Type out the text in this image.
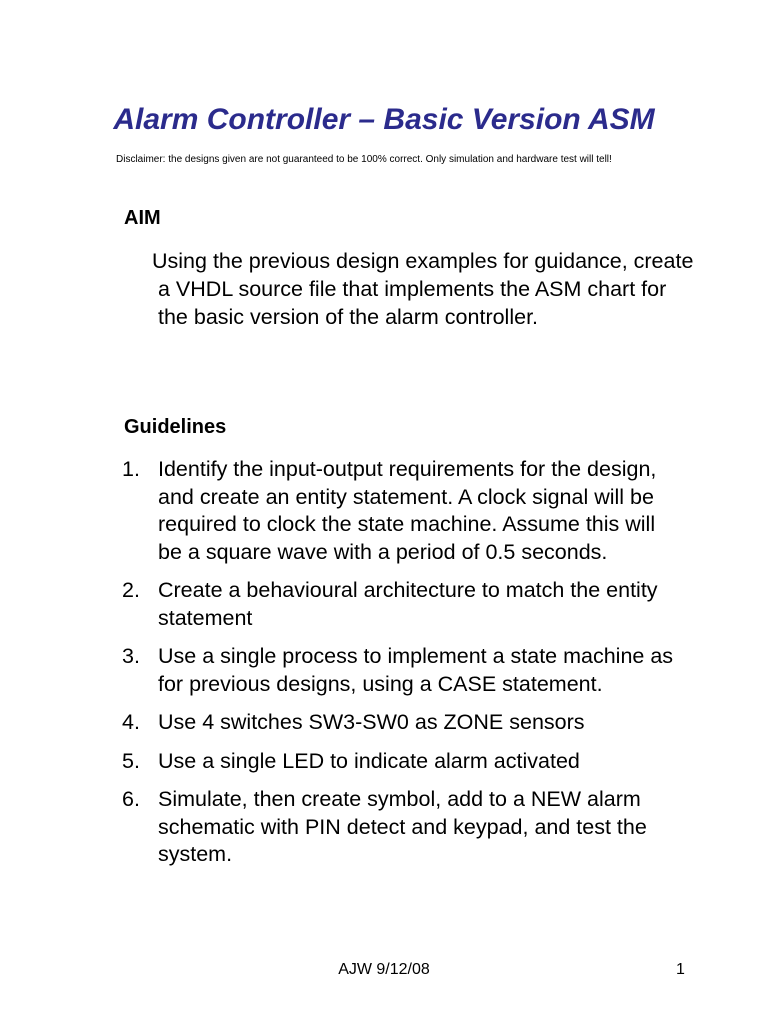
Alarm Controller – Basic Version ASM
Disclaimer: the designs given are not guaranteed to be 100% correct. Only simulation and hardware test will tell!
AIM

Using the previous design examples for guidance, create a VHDL source file that implements the ASM chart for the basic version of the alarm controller.

Guidelines
1. Identify the input-output requirements for the design, and create an entity statement. A clock signal will be required to clock the state machine. Assume this will be a square wave with a period of 0.5 seconds.
2. Create a behavioural architecture to match the entity statement
3. Use a single process to implement a state machine as for previous designs, using a CASE statement.
4. Use 4 switches SW3-SW0 as ZONE sensors
5. Use a single LED to indicate alarm activated
6. Simulate, then create symbol, add to a NEW alarm schematic with PIN detect and keypad, and test the system.
AJW 9/12/08	1
